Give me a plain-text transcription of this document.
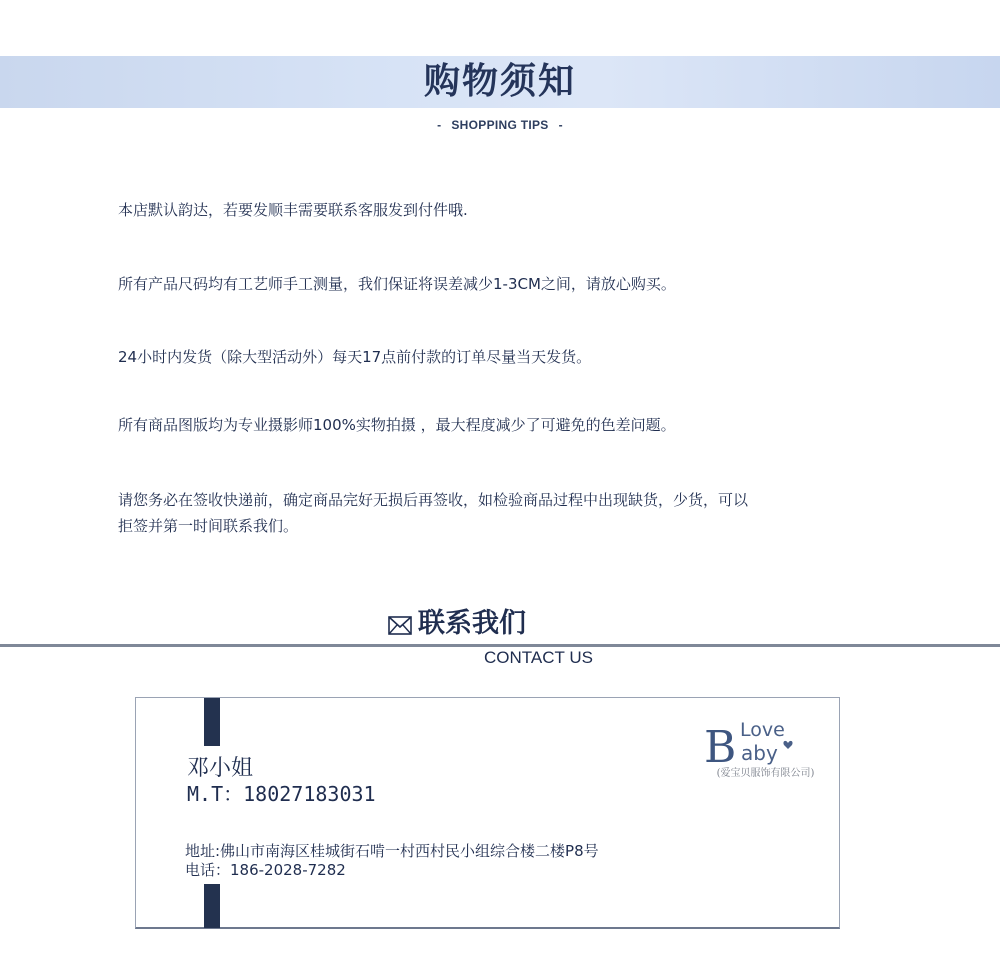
购物须知
- SHOPPING TIPS -
本店默认韵达，若要发顺丰需要联系客服发到付件哦.
所有产品尺码均有工艺师手工测量，我们保证将误差减少1-3CM之间，请放心购买。
24小时内发货（除大型活动外）每天17点前付款的订单尽量当天发货。
所有商品图版均为专业摄影师100%实物拍摄 ，最大程度减少了可避免的色差问题。
请您务必在签收快递前，确定商品完好无损后再签收，如检验商品过程中出现缺货，少货，可以
拒签并第一时间联系我们。
联系我们
CONTACT US
邓小姐
M.T：18027183031
地址:佛山市南海区桂城街石啃一村西村民小组综合楼二楼P8号
电话：186-2028-7282
B Love
aby
(爱宝贝服饰有限公司)
